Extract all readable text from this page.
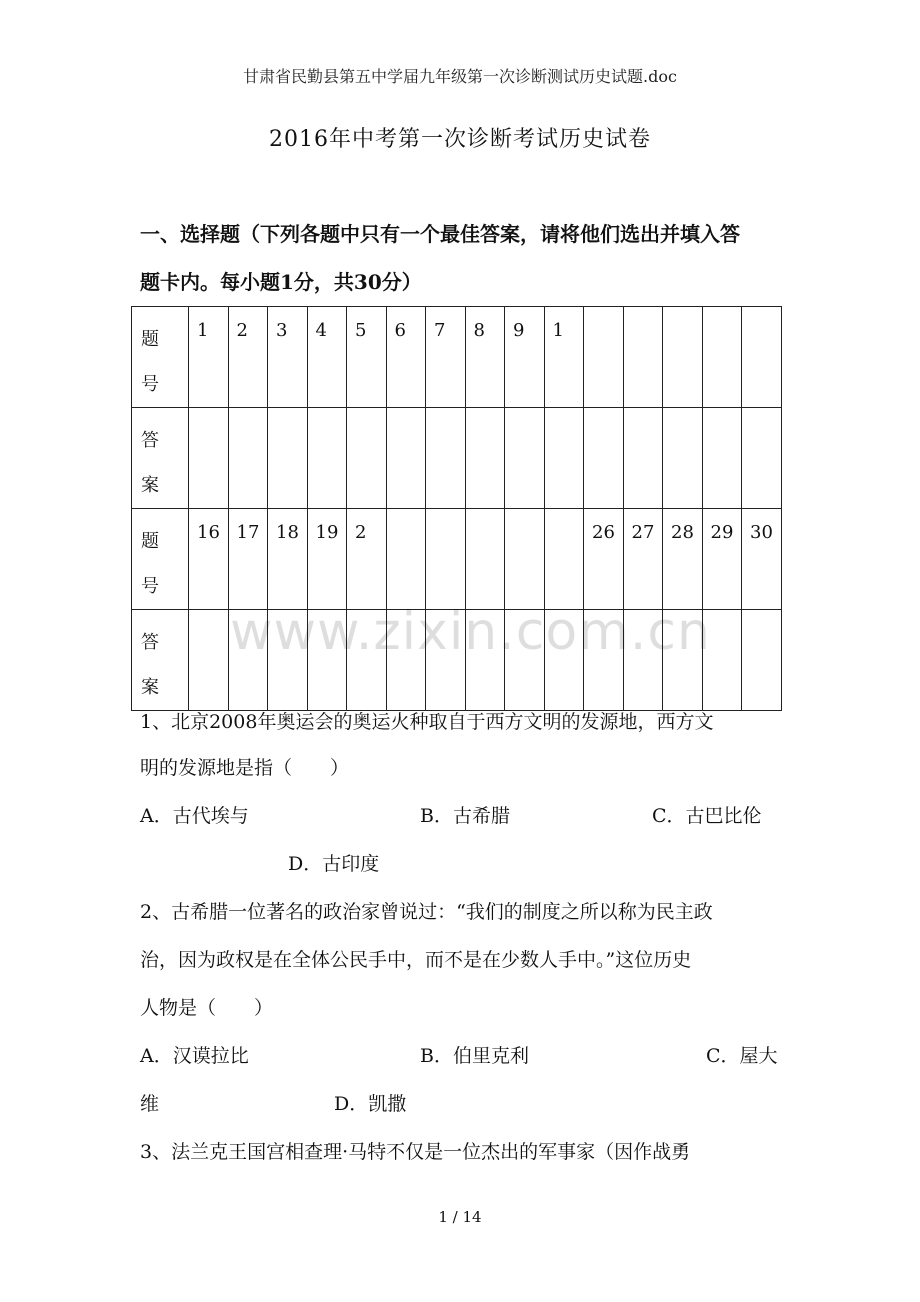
甘肃省民勤县第五中学届九年级第一次诊断测试历史试题.doc
2016年中考第一次诊断考试历史试卷
一、选择题（下列各题中只有一个最佳答案，请将他们选出并填入答
题卡内。每小题1分，共30分）
题
号	1	2	3	4	5	6	7	8	9	1					
答
案															
题
号	16	17	18	19	2						26	27	28	29	30
答
案															
www.zixin.com.cn
1、北京2008年奥运会的奥运火种取自于西方文明的发源地，西方文
明的发源地是指（　　）
A．古代埃与	B．古希腊	C．古巴比伦
D．古印度
2、古希腊一位著名的政治家曾说过：“我们的制度之所以称为民主政
治，因为政权是在全体公民手中，而不是在少数人手中。”这位历史
人物是（　　）
A．汉谟拉比	B．伯里克利	C．屋大
维	D．凯撒
3、法兰克王国宫相查理·马特不仅是一位杰出的军事家（因作战勇
1 / 14
